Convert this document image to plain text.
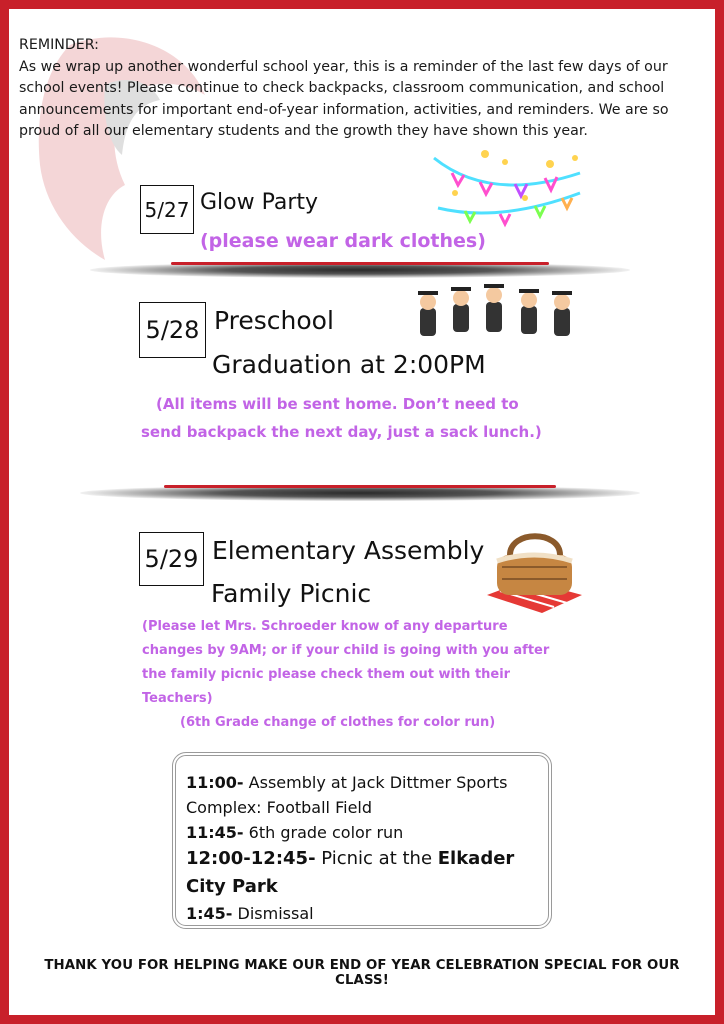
REMINDER:
As we wrap up another wonderful school year, this is a reminder of the last few days of our school events! Please continue to check backpacks, classroom communication, and school announcements for important end-of-year information, activities, and reminders. We are so proud of all our elementary students and the growth they have shown this year.
5/27 Glow Party
(please wear dark clothes)
5/28 Preschool
Graduation at 2:00PM
(All items will be sent home. Don’t need to
send backpack the next day, just a sack lunch.)
5/29 Elementary Assembly
Family Picnic
(Please let Mrs. Schroeder know of any departure
changes by 9AM; or if your child is going with you after
the family picnic please check them out with their
Teachers)
(6th Grade change of clothes for color run)
11:00- Assembly at Jack Dittmer Sports Complex: Football Field
11:45- 6th grade color run
12:00-12:45- Picnic at the Elkader City Park
1:45- Dismissal
THANK YOU FOR HELPING MAKE OUR END OF YEAR CELEBRATION SPECIAL FOR OUR CLASS!
